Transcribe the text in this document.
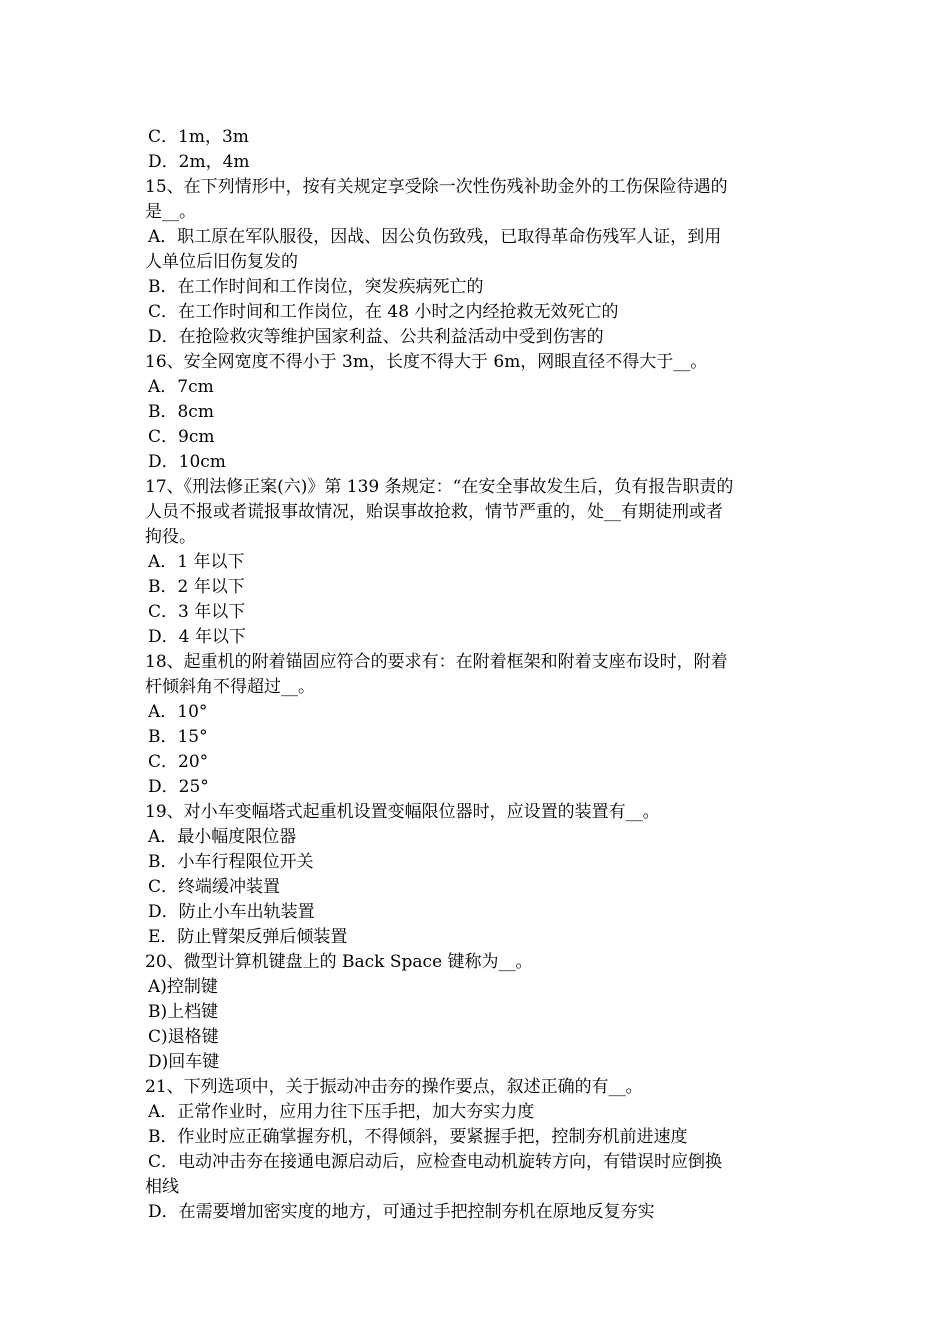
C．1m，3m
D．2m，4m
15、在下列情形中，按有关规定享受除一次性伤残补助金外的工伤保险待遇的
是__。
A．职工原在军队服役，因战、因公负伤致残，已取得革命伤残军人证，到用
人单位后旧伤复发的
B．在工作时间和工作岗位，突发疾病死亡的
C．在工作时间和工作岗位，在 48 小时之内经抢救无效死亡的
D．在抢险救灾等维护国家利益、公共利益活动中受到伤害的
16、安全网宽度不得小于 3m，长度不得大于 6m，网眼直径不得大于__。
A．7cm
B．8cm
C．9cm
D．10cm
17、《刑法修正案(六)》第 139 条规定：“在安全事故发生后，负有报告职责的
人员不报或者谎报事故情况，贻误事故抢救，情节严重的，处__有期徒刑或者
拘役。
A．1 年以下
B．2 年以下
C．3 年以下
D．4 年以下
18、起重机的附着锚固应符合的要求有：在附着框架和附着支座布设时，附着
杆倾斜角不得超过__。
A．10°
B．15°
C．20°
D．25°
19、对小车变幅塔式起重机设置变幅限位器时，应设置的装置有__。
A．最小幅度限位器
B．小车行程限位开关
C．终端缓冲装置
D．防止小车出轨装置
E．防止臂架反弹后倾装置
20、微型计算机键盘上的 Back Space 键称为__。
A)控制键
B)上档键
C)退格键
D)回车键
21、下列选项中，关于振动冲击夯的操作要点，叙述正确的有__。
A．正常作业时，应用力往下压手把，加大夯实力度
B．作业时应正确掌握夯机，不得倾斜，要紧握手把，控制夯机前进速度
C．电动冲击夯在接通电源启动后，应检查电动机旋转方向，有错误时应倒换
相线
D．在需要增加密实度的地方，可通过手把控制夯机在原地反复夯实
